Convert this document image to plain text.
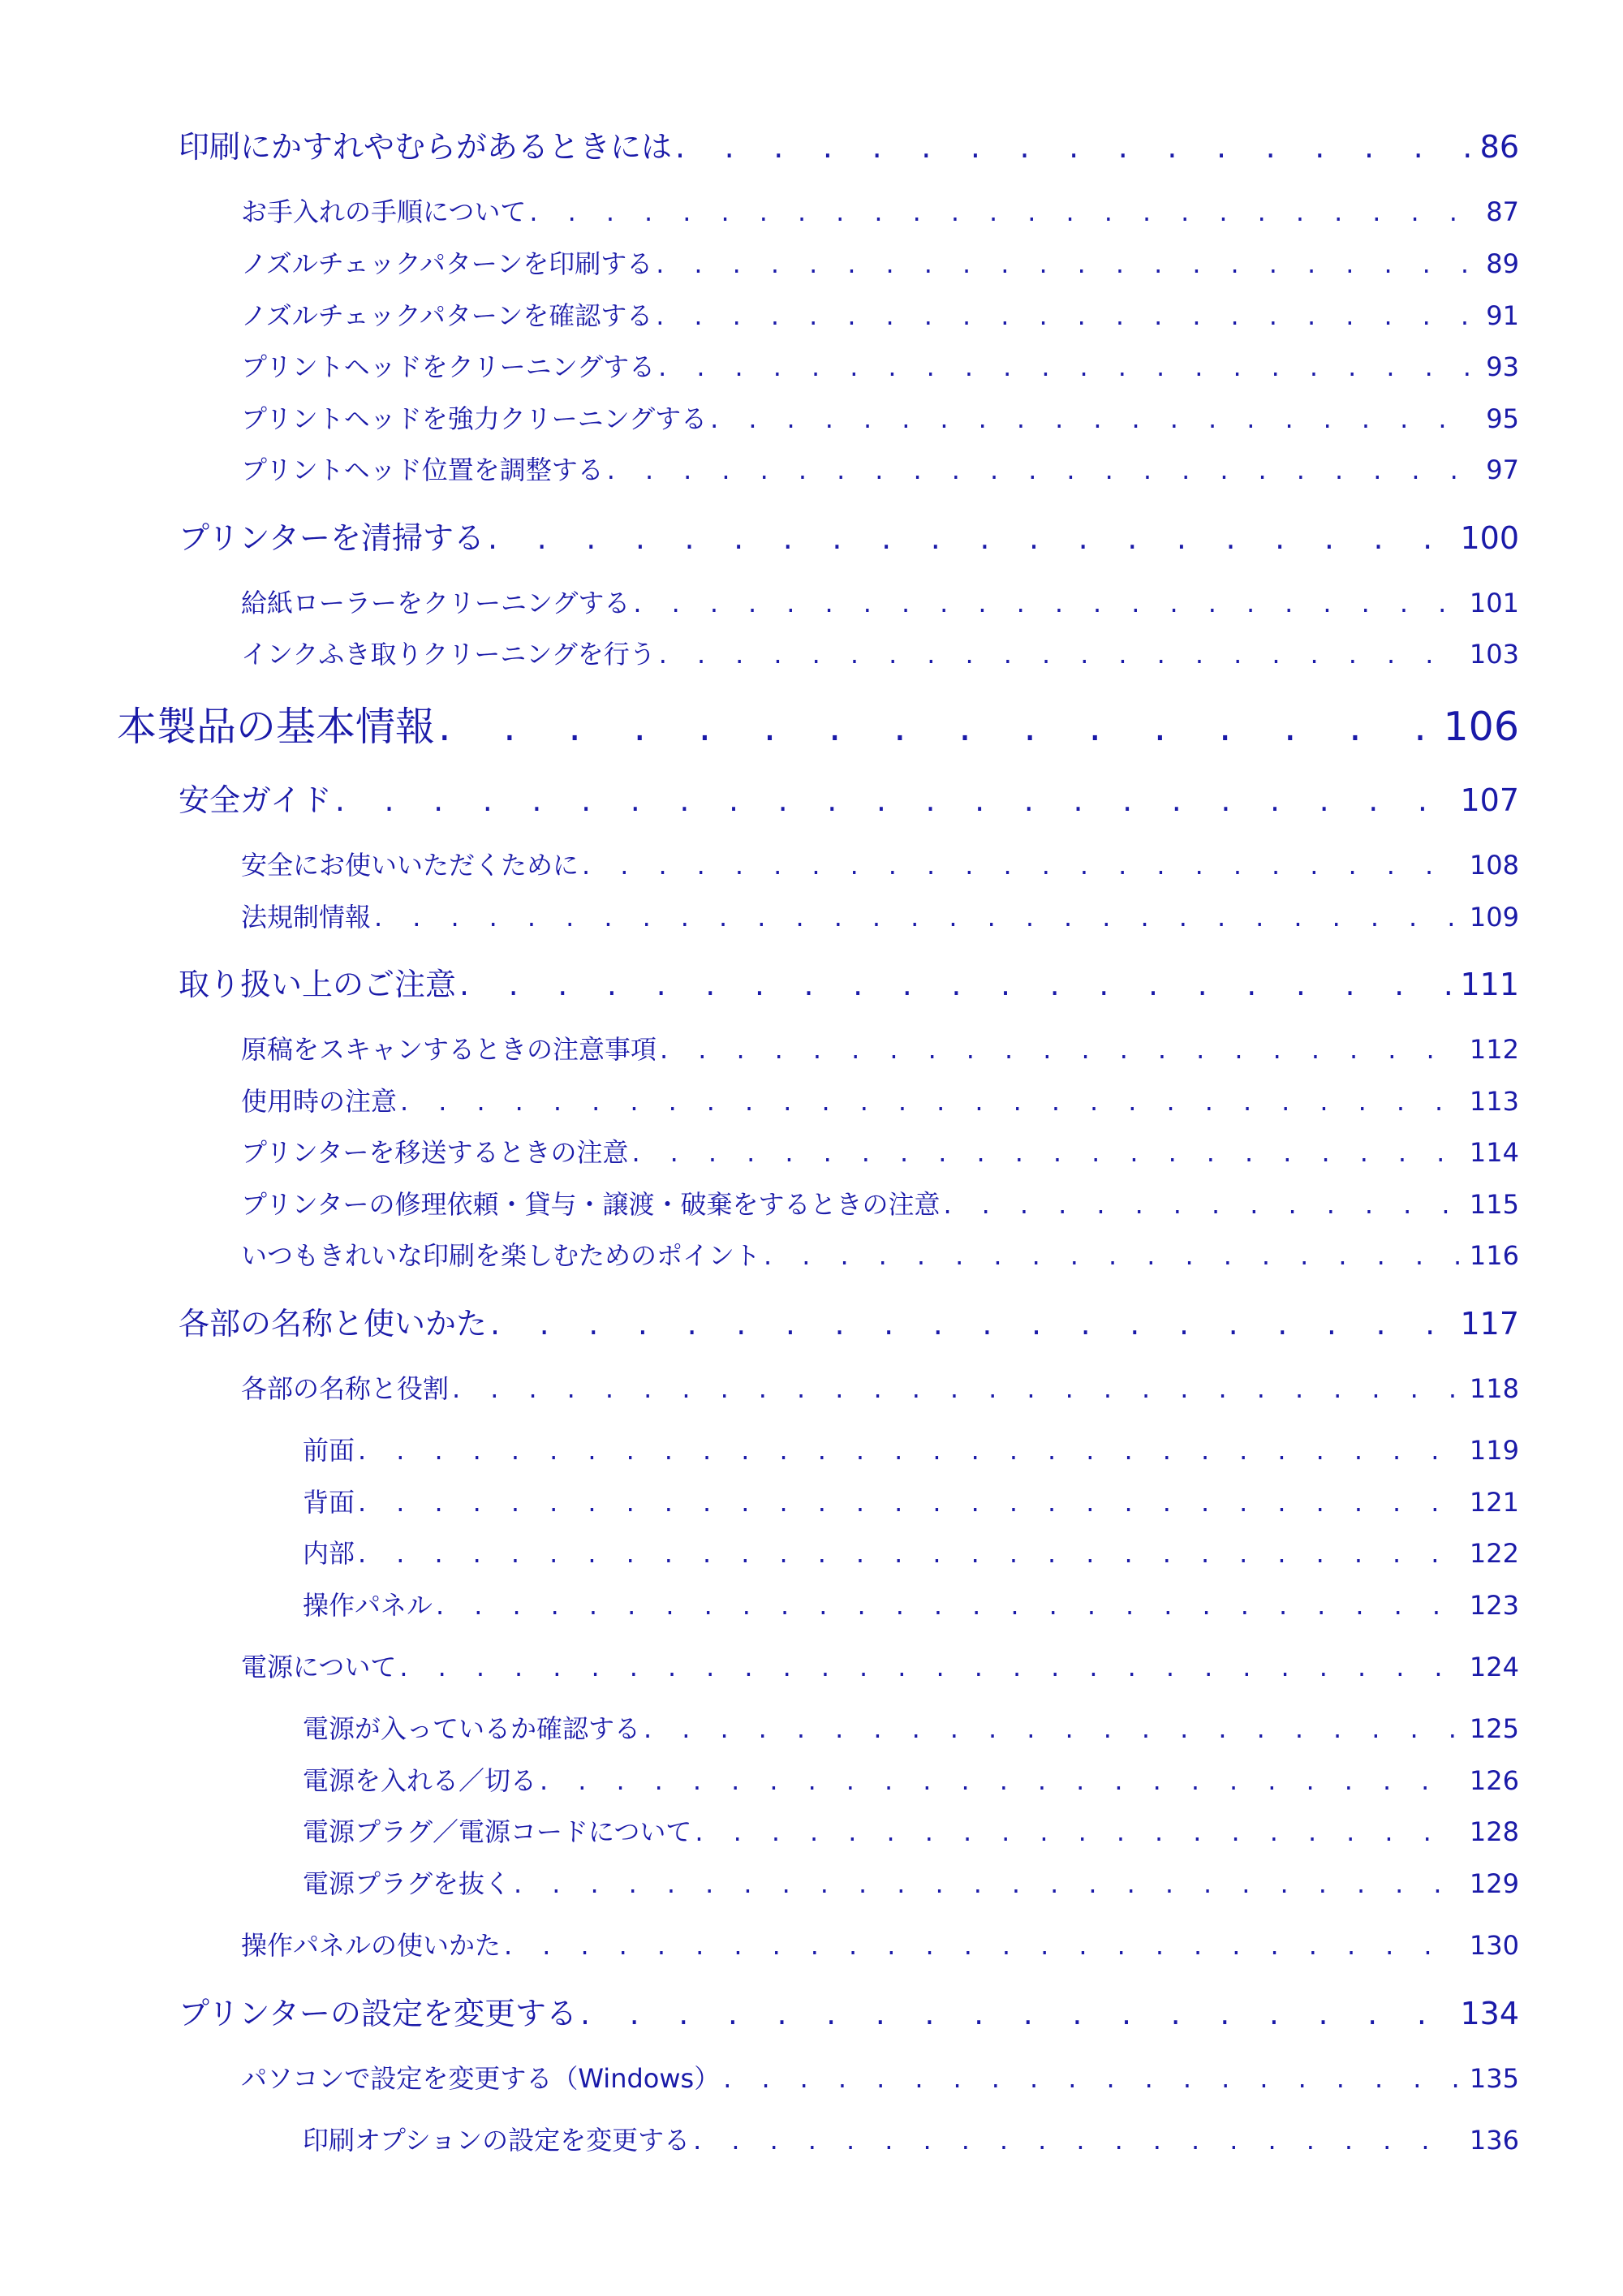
印刷にかすれやむらがあるときには . . .	86
お手入れの手順について . . .	87
ノズルチェックパターンを印刷する . . .	89
ノズルチェックパターンを確認する . . .	91
プリントヘッドをクリーニングする . . .	93
プリントヘッドを強力クリーニングする . . .	95
プリントヘッド位置を調整する . . .	97
プリンターを清掃する . . .	100
給紙ローラーをクリーニングする . . .	101
インクふき取りクリーニングを行う . . .	103
本製品の基本情報 . . .	106
安全ガイド . . .	107
安全にお使いいただくために . . .	108
法規制情報 . . .	109
取り扱い上のご注意 . . .	111
原稿をスキャンするときの注意事項 . . .	112
使用時の注意 . . .	113
プリンターを移送するときの注意 . . .	114
プリンターの修理依頼・貸与・譲渡・破棄をするときの注意 . . .	115
いつもきれいな印刷を楽しむためのポイント . . .	116
各部の名称と使いかた . . .	117
各部の名称と役割 . . .	118
前面 . . .	119
背面 . . .	121
内部 . . .	122
操作パネル . . .	123
電源について . . .	124
電源が入っているか確認する . . .	125
電源を入れる／切る . . .	126
電源プラグ／電源コードについて . . .	128
電源プラグを抜く . . .	129
操作パネルの使いかた . . .	130
プリンターの設定を変更する . . .	134
パソコンで設定を変更する（Windows） . . .	135
印刷オプションの設定を変更する . . .	136
